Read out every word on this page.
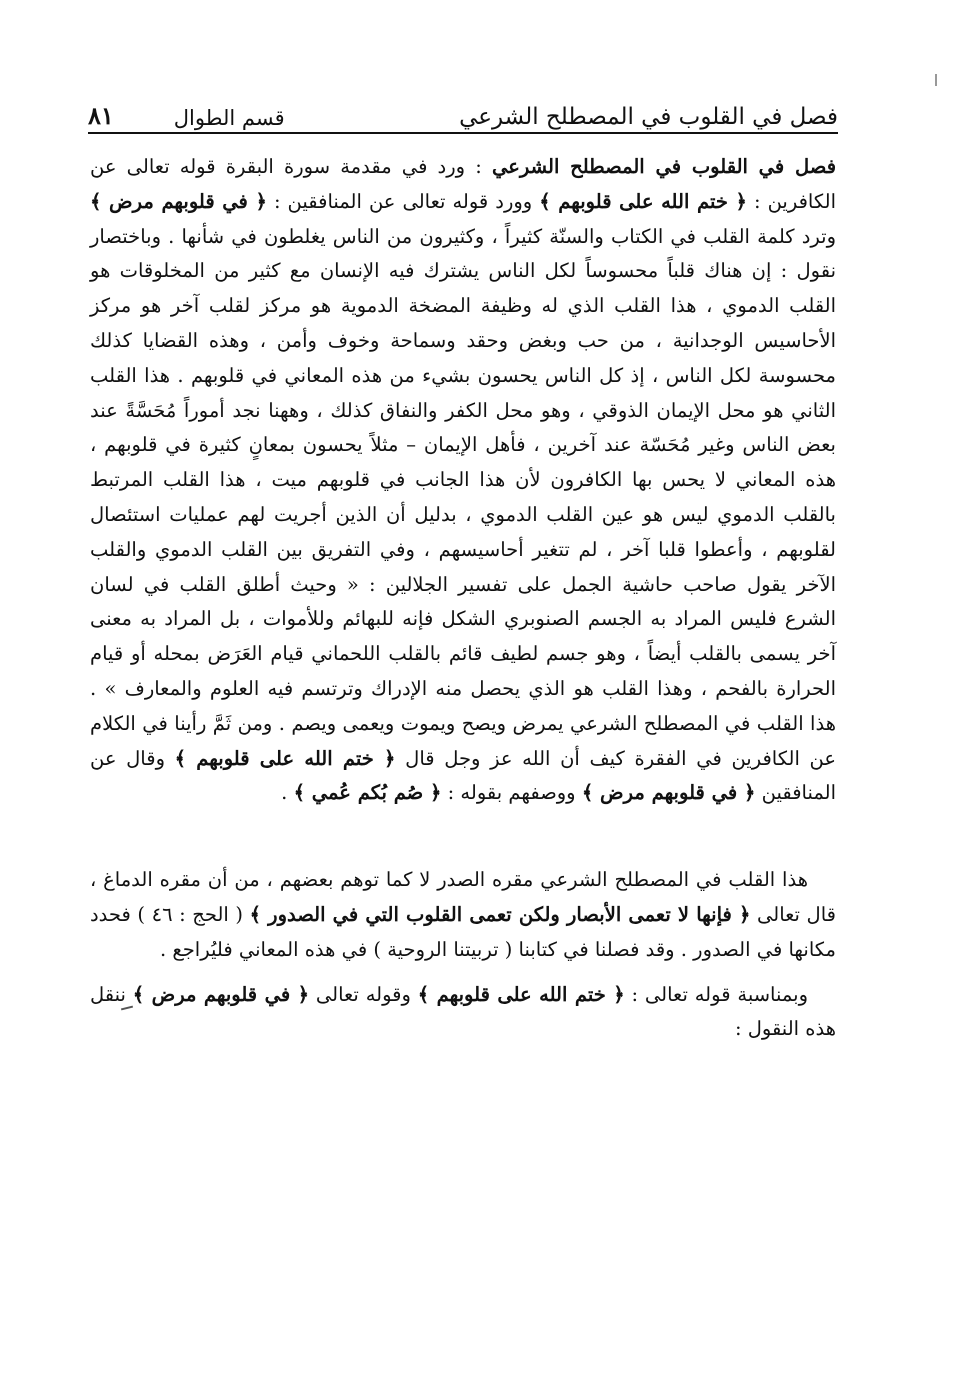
فصل في القلوب في المصطلح الشرعي
قسم الطوال
٨١

فصل في القلوب في المصطلح الشرعي : ورد في مقدمة سورة البقرة قوله تعالى عن الكافرين : ﴿ ختم الله على قلوبهم ﴾ وورد قوله تعالى عن المنافقين : ﴿ في قلوبهم مرض ﴾ وترد كلمة القلب في الكتاب والسنّة كثيراً ، وكثيرون من الناس يغلطون في شأنها . وباختصار نقول : إن هناك قلباً محسوساً لكل الناس يشترك فيه الإنسان مع كثير من المخلوقات هو القلب الدموي ، هذا القلب الذي له وظيفة المضخة الدموية هو مركز لقلب آخر هو مركز الأحاسيس الوجدانية ، من حب وبغض وحقد وسماحة وخوف وأمن ، وهذه القضايا كذلك محسوسة لكل الناس ، إذ كل الناس يحسون بشيء من هذه المعاني في قلوبهم . هذا القلب الثاني هو محل الإيمان الذوقي ، وهو محل الكفر والنفاق كذلك ، وههنا نجد أموراً مُحَسَّةً عند بعض الناس وغير مُحَسّة عند آخرين ، فأهل الإيمان – مثلاً يحسون بمعانٍ كثيرة في قلوبهم ، هذه المعاني لا يحس بها الكافرون لأن هذا الجانب في قلوبهم ميت ، هذا القلب المرتبط بالقلب الدموي ليس هو عين القلب الدموي ، بدليل أن الذين أجريت لهم عمليات استئصال لقلوبهم ، وأعطوا قلبا آخر ، لم تتغير أحاسيسهم ، وفي التفريق بين القلب الدموي والقلب الآخر يقول صاحب حاشية الجمل على تفسير الجلالين : « وحيث أطلق القلب في لسان الشرع فليس المراد به الجسم الصنوبري الشكل فإنه للبهائم وللأموات ، بل المراد به معنى آخر يسمى بالقلب أيضاً ، وهو جسم لطيف قائم بالقلب اللحماني قيام العَرَض بمحله أو قيام الحرارة بالفحم ، وهذا القلب هو الذي يحصل منه الإدراك وترتسم فيه العلوم والمعارف » . هذا القلب في المصطلح الشرعي يمرض ويصح ويموت ويعمى ويصم . ومن ثَمَّ رأينا في الكلام عن الكافرين في الفقرة كيف أن الله عز وجل قال ﴿ ختم الله على قلوبهم ﴾ وقال عن المنافقين ﴿ في قلوبهم مرض ﴾ ووصفهم بقوله : ﴿ صُم بُكم عُمي ﴾ .

هذا القلب في المصطلح الشرعي مقره الصدر لا كما توهم بعضهم ، من أن مقره الدماغ ، قال تعالى ﴿ فإنها لا تعمى الأبصار ولكن تعمى القلوب التي في الصدور ﴾ ( الحج : ٤٦ ) فحدد مكانها في الصدور . وقد فصلنا في كتابنا ( تربيتنا الروحية ) في هذه المعاني فليُراجع .

وبمناسبة قوله تعالى : ﴿ ختم الله على قلوبهم ﴾ وقوله تعالى ﴿ في قلوبهم مرض ﴾ ننقل هذه النقول :
